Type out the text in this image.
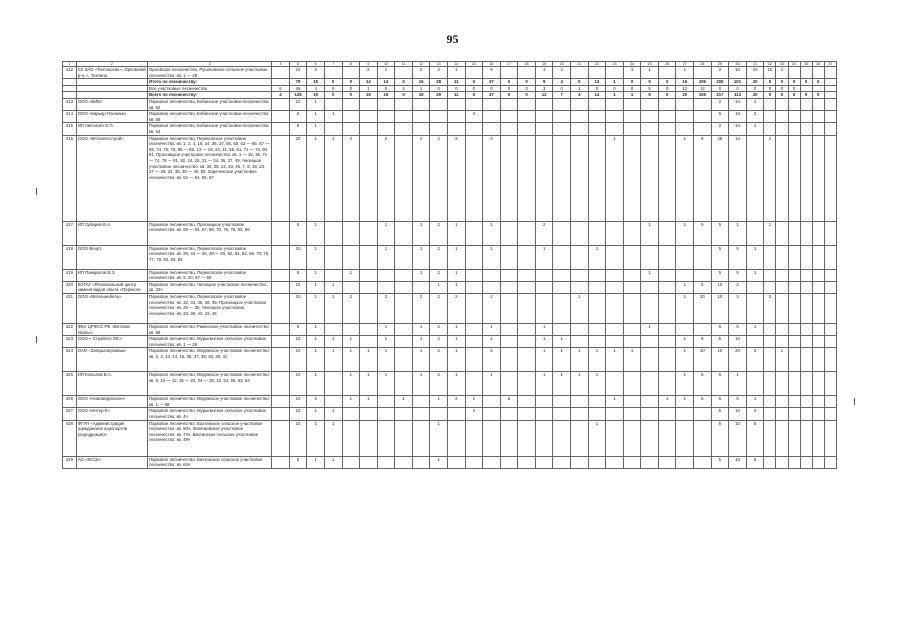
95
1	2	3	4	5	6	7	8	9	10	11	12	13	14	15	16	17	18	19	20	21	22	23	24	25	26	27	28	29	30	31	32	33	34	35	36	37
412	СХ ЗАО «Тонтоксево», Орловский р-н, с. Тонтино	Орловское лесничество, Русиновское сельское участковое лесничество: кв. 1 — 28		10	2			2	1		2	2	1		5			1	2				1	1		1		2	10	10	10	2				
		Итого по лесничеству:		79	15	0	0	14	14	0	15	28	11	0	37	0	0	9	4	0	13	1	0	5	0	15	105	205	101	20	0	0	0	0	0	
		Все участковые лесничества	6	46	4	0	0	1	0	4	1	0	0	0	0	0	3	3	0	1	0	0	0	5	0	12	12	0	0	0	0	0	0			
		Всего по лесничеству:	4	125	19	0	0	15	15	0	19	29	11	0	37	0	0	12	7	4	14	1	1	5	0	20	105	217	113	20	0	0	0	0	0	
413	ООО «БИВ»	Парковое лесничество, Бобинское участковое лесничество: кв. 62		10	1																							2	10	1						
414	ООО «Карьер-Пасника»	Парковое лесничество, Бобинское участковое лесничество: кв. 58		5	1	1								2														5	10	2						
415	ИП Аветисян О.П.	Парковое лесничество, Бобинское участковое лесничество: кв. 64		5	1																							2	10	1						
416	ООО «Вяткалесстрой»	Парковое лесничество, Перекопское участковое лесничество: кв. 1, 2, 4, 19, 34, 36, 37, 56, 60, 63 — 65, 67 — 69, 74, 75, 78, 85 — 88, 13 — 18, 24, 31, 55, 61, 71 — 73, 80, 81, Просницкое участковое лесничество: кв. 1 — 15, 35, 71 — 74, 78 — 81, 92, 24, 25, 31 — 34, 36, 37, 49, Чепецкое участковое лесничество: кв. 33, 36, 42, 43, 46, 7, 8, 18, 23, 27 — 29, 34, 35, 38 — 40, 50, Зареченское участковое лесничество: кв. 52 — 54, 56, 57		20	1	1	2		2		2	2	2		3							1				1	8	25	12		2					
417	ИП Зубарев В.А.	Парковое лесничество, Просницкое участковое лесничество: кв. 59 — 64, 67, 68, 70, 75, 76, 83, 86		5	1				1		1	2	1		1			2						1		1	5	5	1		1					
418	ООО Феорт	Парковое лесничество, Перекопское участковое лесничество: кв. 29, 44 — 46, 48 — 50, 52, 54, 62, 66, 70, 76, 77, 79, 82, 83, 84		10	1				1		1	2	1		1			1			1							5	5	1						
419	ИП Панкратов В.Э.	Парковое лесничество, Перекопское участковое лесничество: кв. 3, 20, 57 — 59		6	1		1				1	2	1											1				5	5	1						
420	КОГАУ «Региональный центр заменя видов опыта «Перекоп»	Парковое лесничество, Чепецкое участковое лесничество: кв. 33ч		10	1	1						1	1													1	5	10	2							
421	ООО «Вятка-мебель»	Парковое лесничество, Перекопское участковое лесничество: кв. 32, 33, 35, 38, 39, Просницкое участковое лесничество: кв. 26 — 30, Чепецкое участковое лесничество: кв. 33, 36, 42, 43, 46		10	1	1	2		2		2	2	2		2					1						1	20	10	3		2					
422	ФБУ ЦРФСС РФ «Вятские Увалы»	Парковое лесничество, Раменское участковое лесничество: кв. 69		8	1				1		1	2	1		1			1						1				5	5	1						
423	ООО « Стройлес МС»	Парковое лесничество, Мурыгинское сельское участковое лесничество: кв. 1 — 26		10	1	1	1		1		1	2	1		1			1	1							1	5	5	10							
424	ОАО «Загарьеагромаш»	Парковое лесничество, Медянское участковое лесничество: кв. 2, 3, 13, 14, 16, 35, 37, 38, 39, 40, 41		10	1	1	1	1	1		1	2	1		5			1	1	1	1	1	1			1	10	10	20	2		1				
425	ИП Копылов В.А.	Парковое лесничество, Медянское участковое лесничество: кв. 6, 10 — 12, 15 — 20, 24 — 30, 42, 54, 55, 63, 64		10	1		1	1	1		1	2	1		1			1	1	1	1					1	5	5	1							
426	ООО «Новомедянское»	Парковое лесничество, Медянское участковое лесничество: кв. 1 — 58		10	2		1	1		1		1	2	1		5						1			1	1	5	5	5	1						
427	ООО «Интер-К»	Парковое лесничество, Мурыгинское сельское участковое лесничество: кв. 4ч		10	1	1								2														5	10	2						
428	ФГУП «Администрация гражданских аэропортов (аэродромов)»	Парковое лесничество, Бахтинское сельское участковое лесничество: кв. 50ч, Липягаевское участковое лесничество: кв. 74ч, Бахтинское сельское участковое лесничество: кв. 49ч		10	1	1						1									1							5	10	5						
429	АО «КССК»	Парковое лесничество, Бахтинское сельское участковое лесничество: кв. 64ч		5	1	1						1																5	10	5						
